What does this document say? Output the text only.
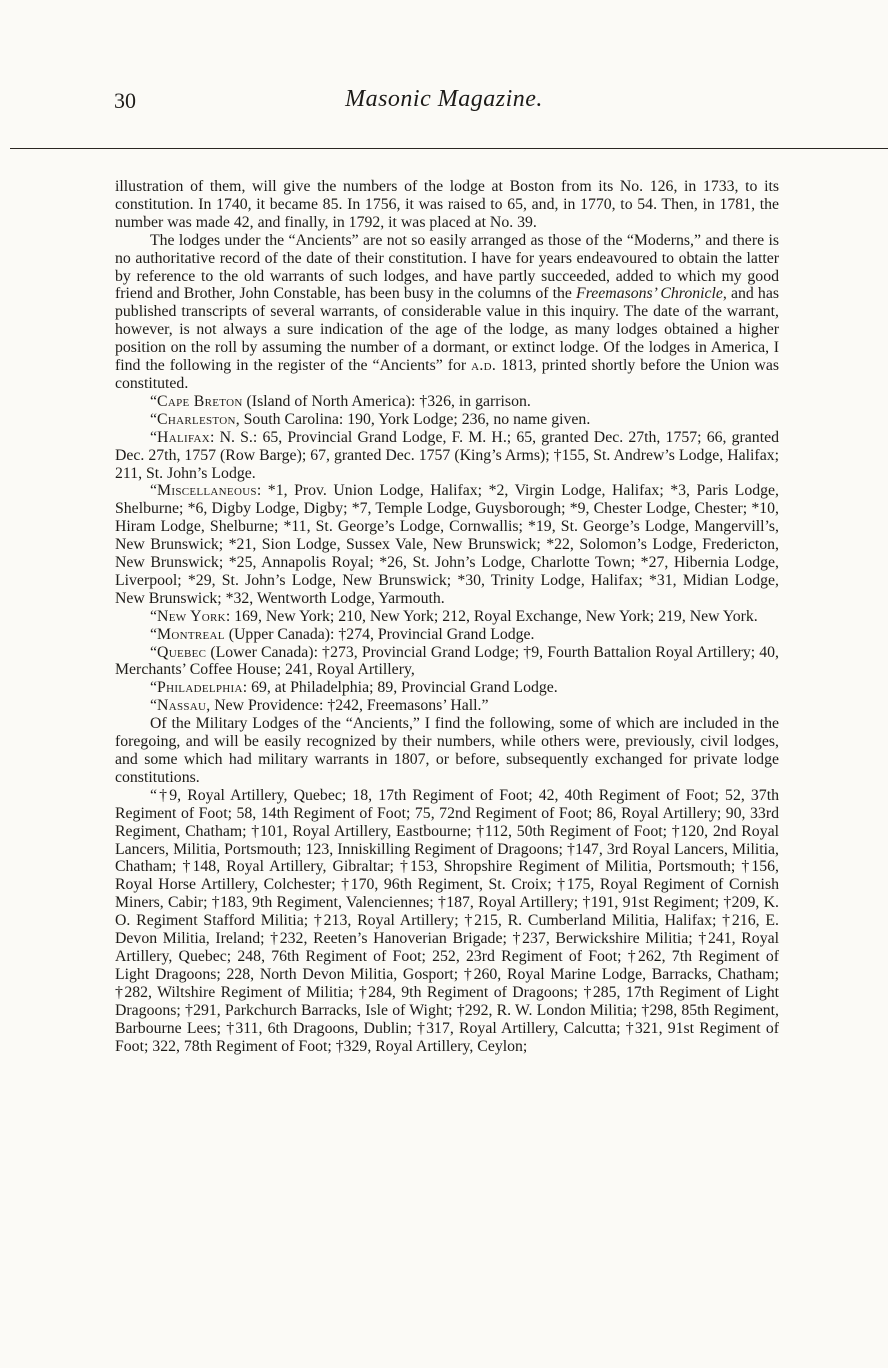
30	Masonic Magazine.

illustration of them, will give the numbers of the lodge at Boston from its No. 126, in 1733, to its constitution. In 1740, it became 85. In 1756, it was raised to 65, and, in 1770, to 54. Then, in 1781, the number was made 42, and finally, in 1792, it was placed at No. 39.

The lodges under the “Ancients” are not so easily arranged as those of the “Moderns,” and there is no authoritative record of the date of their constitution. I have for years endeavoured to obtain the latter by reference to the old warrants of such lodges, and have partly succeeded, added to which my good friend and Brother, John Constable, has been busy in the columns of the Freemasons’ Chronicle, and has published transcripts of several warrants, of considerable value in this inquiry. The date of the warrant, however, is not always a sure indication of the age of the lodge, as many lodges obtained a higher position on the roll by assuming the number of a dormant, or extinct lodge. Of the lodges in America, I find the following in the register of the “Ancients” for a.d. 1813, printed shortly before the Union was constituted.

“Cape Breton (Island of North America): †326, in garrison.

“Charleston, South Carolina: 190, York Lodge; 236, no name given.

“Halifax: N. S.: 65, Provincial Grand Lodge, F. M. H.; 65, granted Dec. 27th, 1757; 66, granted Dec. 27th, 1757 (Row Barge); 67, granted Dec. 1757 (King’s Arms); †155, St. Andrew’s Lodge, Halifax; 211, St. John’s Lodge.

“Miscellaneous: *1, Prov. Union Lodge, Halifax; *2, Virgin Lodge, Halifax; *3, Paris Lodge, Shelburne; *6, Digby Lodge, Digby; *7, Temple Lodge, Guysborough; *9, Chester Lodge, Chester; *10, Hiram Lodge, Shelburne; *11, St. George’s Lodge, Cornwallis; *19, St. George’s Lodge, Mangervill’s, New Brunswick; *21, Sion Lodge, Sussex Vale, New Brunswick; *22, Solomon’s Lodge, Fredericton, New Brunswick; *25, Annapolis Royal; *26, St. John’s Lodge, Charlotte Town; *27, Hibernia Lodge, Liverpool; *29, St. John’s Lodge, New Brunswick; *30, Trinity Lodge, Halifax; *31, Midian Lodge, New Brunswick; *32, Wentworth Lodge, Yarmouth.

“New York: 169, New York; 210, New York; 212, Royal Exchange, New York; 219, New York.

“Montreal (Upper Canada): †274, Provincial Grand Lodge.

“Quebec (Lower Canada): †273, Provincial Grand Lodge; †9, Fourth Battalion Royal Artillery; 40, Merchants’ Coffee House; 241, Royal Artillery,

“Philadelphia: 69, at Philadelphia; 89, Provincial Grand Lodge.

“Nassau, New Providence: †242, Freemasons’ Hall.”

Of the Military Lodges of the “Ancients,” I find the following, some of which are included in the foregoing, and will be easily recognized by their numbers, while others were, previously, civil lodges, and some which had military warrants in 1807, or before, subsequently exchanged for private lodge constitutions.

“†9, Royal Artillery, Quebec; 18, 17th Regiment of Foot; 42, 40th Regiment of Foot; 52, 37th Regiment of Foot; 58, 14th Regiment of Foot; 75, 72nd Regiment of Foot; 86, Royal Artillery; 90, 33rd Regiment, Chatham; †101, Royal Artillery, Eastbourne; †112, 50th Regiment of Foot; †120, 2nd Royal Lancers, Militia, Portsmouth; 123, Inniskilling Regiment of Dragoons; †147, 3rd Royal Lancers, Militia, Chatham; †148, Royal Artillery, Gibraltar; †153, Shropshire Regiment of Militia, Portsmouth; †156, Royal Horse Artillery, Colchester; †170, 96th Regiment, St. Croix; †175, Royal Regiment of Cornish Miners, Cabir; †183, 9th Regiment, Valenciennes; †187, Royal Artillery; †191, 91st Regiment; †209, K. O. Regiment Stafford Militia; †213, Royal Artillery; †215, R. Cumberland Militia, Halifax; †216, E. Devon Militia, Ireland; †232, Reeten’s Hanoverian Brigade; †237, Berwickshire Militia; †241, Royal Artillery, Quebec; 248, 76th Regiment of Foot; 252, 23rd Regiment of Foot; †262, 7th Regiment of Light Dragoons; 228, North Devon Militia, Gosport; †260, Royal Marine Lodge, Barracks, Chatham; †282, Wiltshire Regiment of Militia; †284, 9th Regiment of Dragoons; †285, 17th Regiment of Light Dragoons; †291, Parkchurch Barracks, Isle of Wight; †292, R. W. London Militia; †298, 85th Regiment, Barbourne Lees; †311, 6th Dragoons, Dublin; †317, Royal Artillery, Calcutta; †321, 91st Regiment of Foot; 322, 78th Regiment of Foot; †329, Royal Artillery, Ceylon;
